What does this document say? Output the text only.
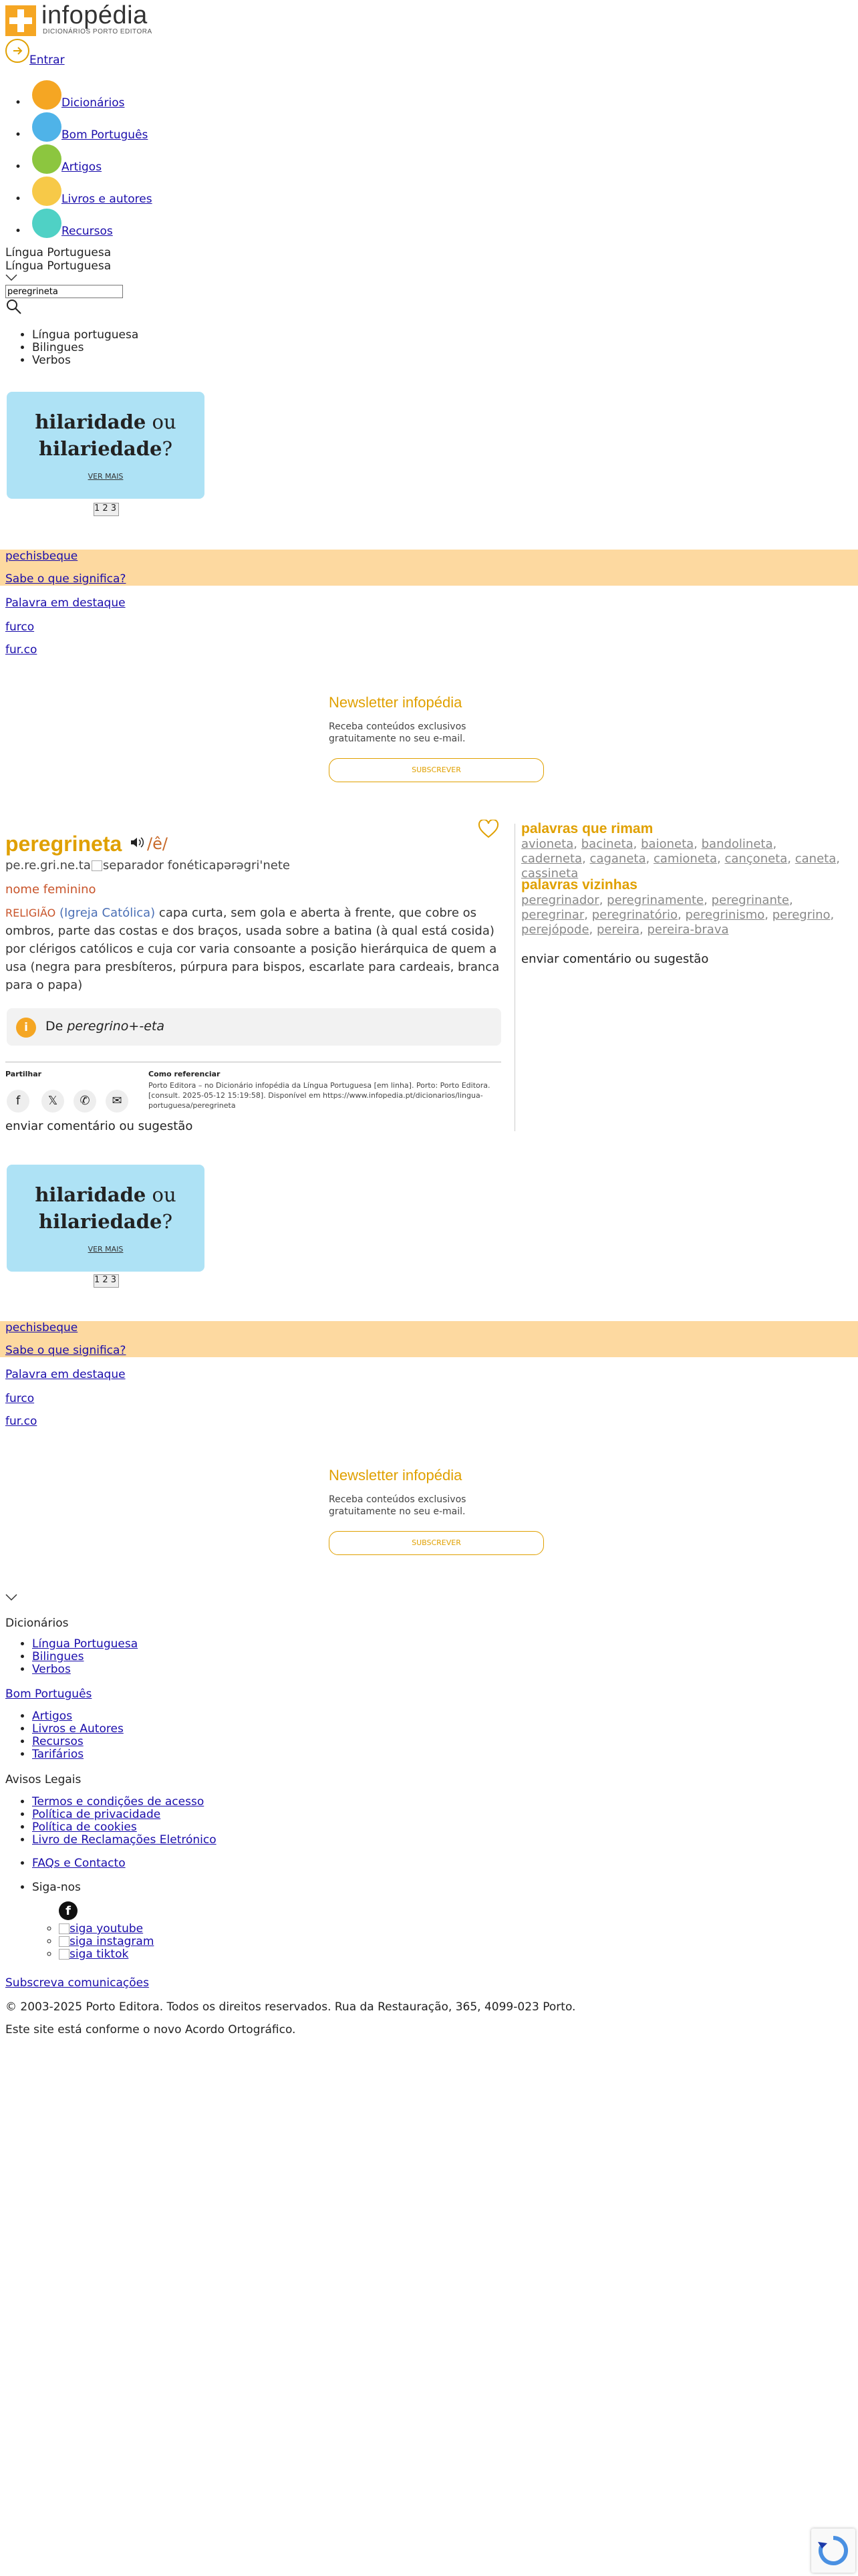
infopédia
DICIONÁRIOS PORTO EDITORA
Entrar
•	Dicionários
•	Bom Português
•	Artigos
•	Livros e autores
•	Recursos
Língua Portuguesa
Língua Portuguesa
peregrineta
• Língua portuguesa
• Bilingues
• Verbos
hilaridade ou
hilariedade?
VER MAIS
1 2 3
pechisbeque
Sabe o que significa?
Palavra em destaque
furco
fur.co
Newsletter infopédia
Receba conteúdos exclusivos gratuitamente no seu e-mail.
SUBSCREVER
peregrineta /ê/
pe.re.gri.ne.ta separador fonéticapərəgri'nete
nome feminino
RELIGIÃO (Igreja Católica) capa curta, sem gola e aberta à frente, que cobre os ombros, parte das costas e dos braços, usada sobre a batina (à qual está cosida) por clérigos católicos e cuja cor varia consoante a posição hierárquica de quem a usa (negra para presbíteros, púrpura para bispos, escarlate para cardeais, branca para o papa)
i	De peregrino+-eta
Partilhar
f	𝕏	✆	✉
Como referenciar
Porto Editora – no Dicionário infopédia da Língua Portuguesa [em linha]. Porto: Porto Editora. [consult. 2025-05-12 15:19:58]. Disponível em https://www.infopedia.pt/dicionarios/lingua-portuguesa/peregrineta
enviar comentário ou sugestão
palavras que rimam
avioneta, bacineta, baioneta, bandolineta, caderneta, caganeta, camioneta, cançoneta, caneta, cassineta
palavras vizinhas
peregrinador, peregrinamente, peregrinante, peregrinar, peregrinatório, peregrinismo, peregrino, perejópode, pereira, pereira-brava
enviar comentário ou sugestão
hilaridade ou
hilariedade?
VER MAIS
1 2 3
pechisbeque
Sabe o que significa?
Palavra em destaque
furco
fur.co
Newsletter infopédia
Receba conteúdos exclusivos gratuitamente no seu e-mail.
SUBSCREVER
Dicionários
• Língua Portuguesa
• Bilingues
• Verbos
Bom Português
• Artigos
• Livros e Autores
• Recursos
• Tarifários
Avisos Legais
• Termos e condições de acesso
• Política de privacidade
• Política de cookies
• Livro de Reclamações Eletrónico
• FAQs e Contacto
• Siga-nos
f
◦ siga youtube
◦ siga instagram
◦ siga tiktok
Subscreva comunicações
© 2003-2025 Porto Editora. Todos os direitos reservados. Rua da Restauração, 365, 4099-023 Porto.
Este site está conforme o novo Acordo Ortográfico.
